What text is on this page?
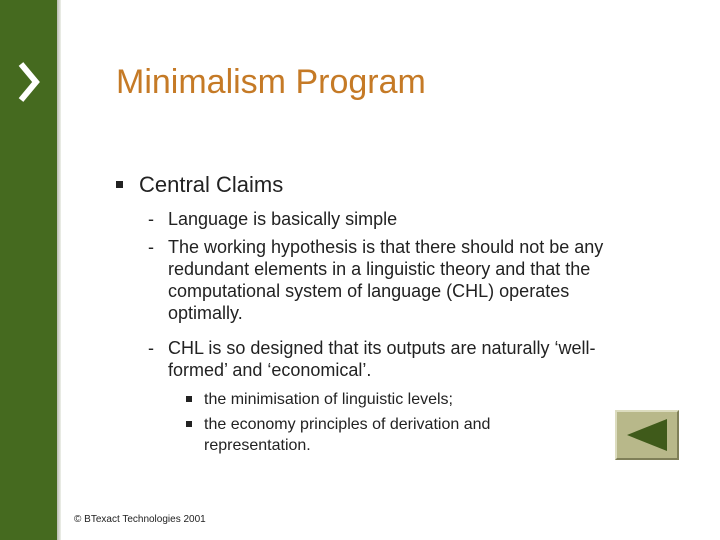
Minimalism Program
Central Claims
- Language is basically simple
- The working hypothesis is that there should not be any redundant elements in a linguistic theory and that the computational system of language (CHL) operates optimally.
- CHL is so designed that its outputs are naturally ‘well-formed’ and ‘economical’.
the minimisation of linguistic levels;
the economy principles of derivation and representation.
© BTexact Technologies 2001
